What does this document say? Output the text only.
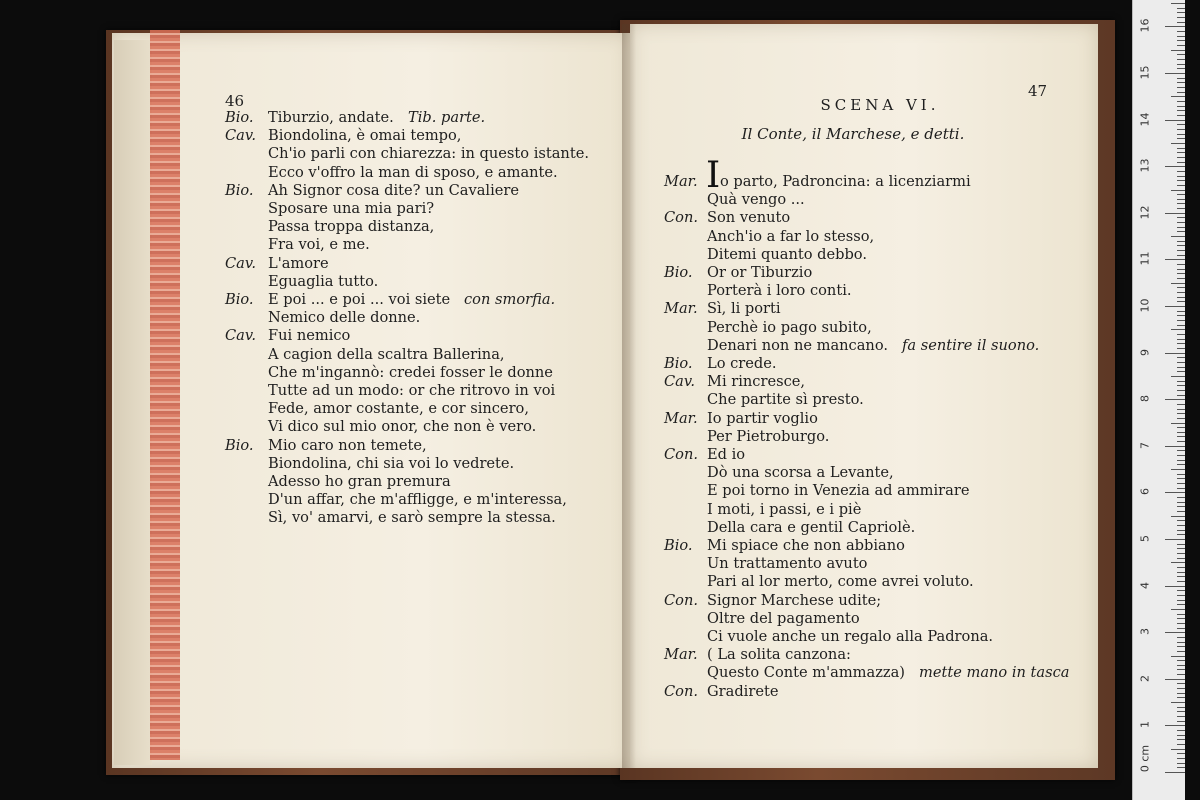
46
47
SCENA VI.
Il Conte, il Marchese, e detti.
I
Bio. Tiburzio, andate. Tib. parte.
Cav. Biondolina, è omai tempo,
Ch'io parli con chiarezza: in questo istante.
Ecco v'offro la man di sposo, e amante.
Bio. Ah Signor cosa dite? un Cavaliere
Sposare una mia pari?
Passa troppa distanza,
Fra voi, e me.
Cav. L'amore
Eguaglia tutto.
Bio. E poi ... e poi ... voi siete con smorfia.
Nemico delle donne.
Cav. Fui nemico
A cagion della scaltra Ballerina,
Che m'ingannò: credei fosser le donne
Tutte ad un modo: or che ritrovo in voi
Fede, amor costante, e cor sincero,
Vi dico sul mio onor, che non è vero.
Bio. Mio caro non temete,
Biondolina, chi sia voi lo vedrete.
Adesso ho gran premura
D'un affar, che m'affligge, e m'interessa,
Sì, vo' amarvi, e sarò sempre la stessa.
Mar. o parto, Padroncina: a licenziarmi
Quà vengo ...
Con. Son venuto
Anch'io a far lo stesso,
Ditemi quanto debbo.
Bio. Or or Tiburzio
Porterà i loro conti.
Mar. Sì, li porti
Perchè io pago subito,
Denari non ne mancano. fa sentire il suono.
Bio. Lo crede.
Cav. Mi rincresce,
Che partite sì presto.
Mar. Io partir voglio
Per Pietroburgo.
Con. Ed io
Dò una scorsa a Levante,
E poi torno in Venezia ad ammirare
I moti, i passi, e i piè
Della cara e gentil Capriolè.
Bio. Mi spiace che non abbiano
Un trattamento avuto
Pari al lor merto, come avrei voluto.
Con. Signor Marchese udite;
Oltre del pagamento
Ci vuole anche un regalo alla Padrona.
Mar. ( La solita canzona:
Questo Conte m'ammazza) mette mano in tasca
Con. Gradirete
0 cm
1
2
3
4
5
6
7
8
9
10
11
12
13
14
15
16
